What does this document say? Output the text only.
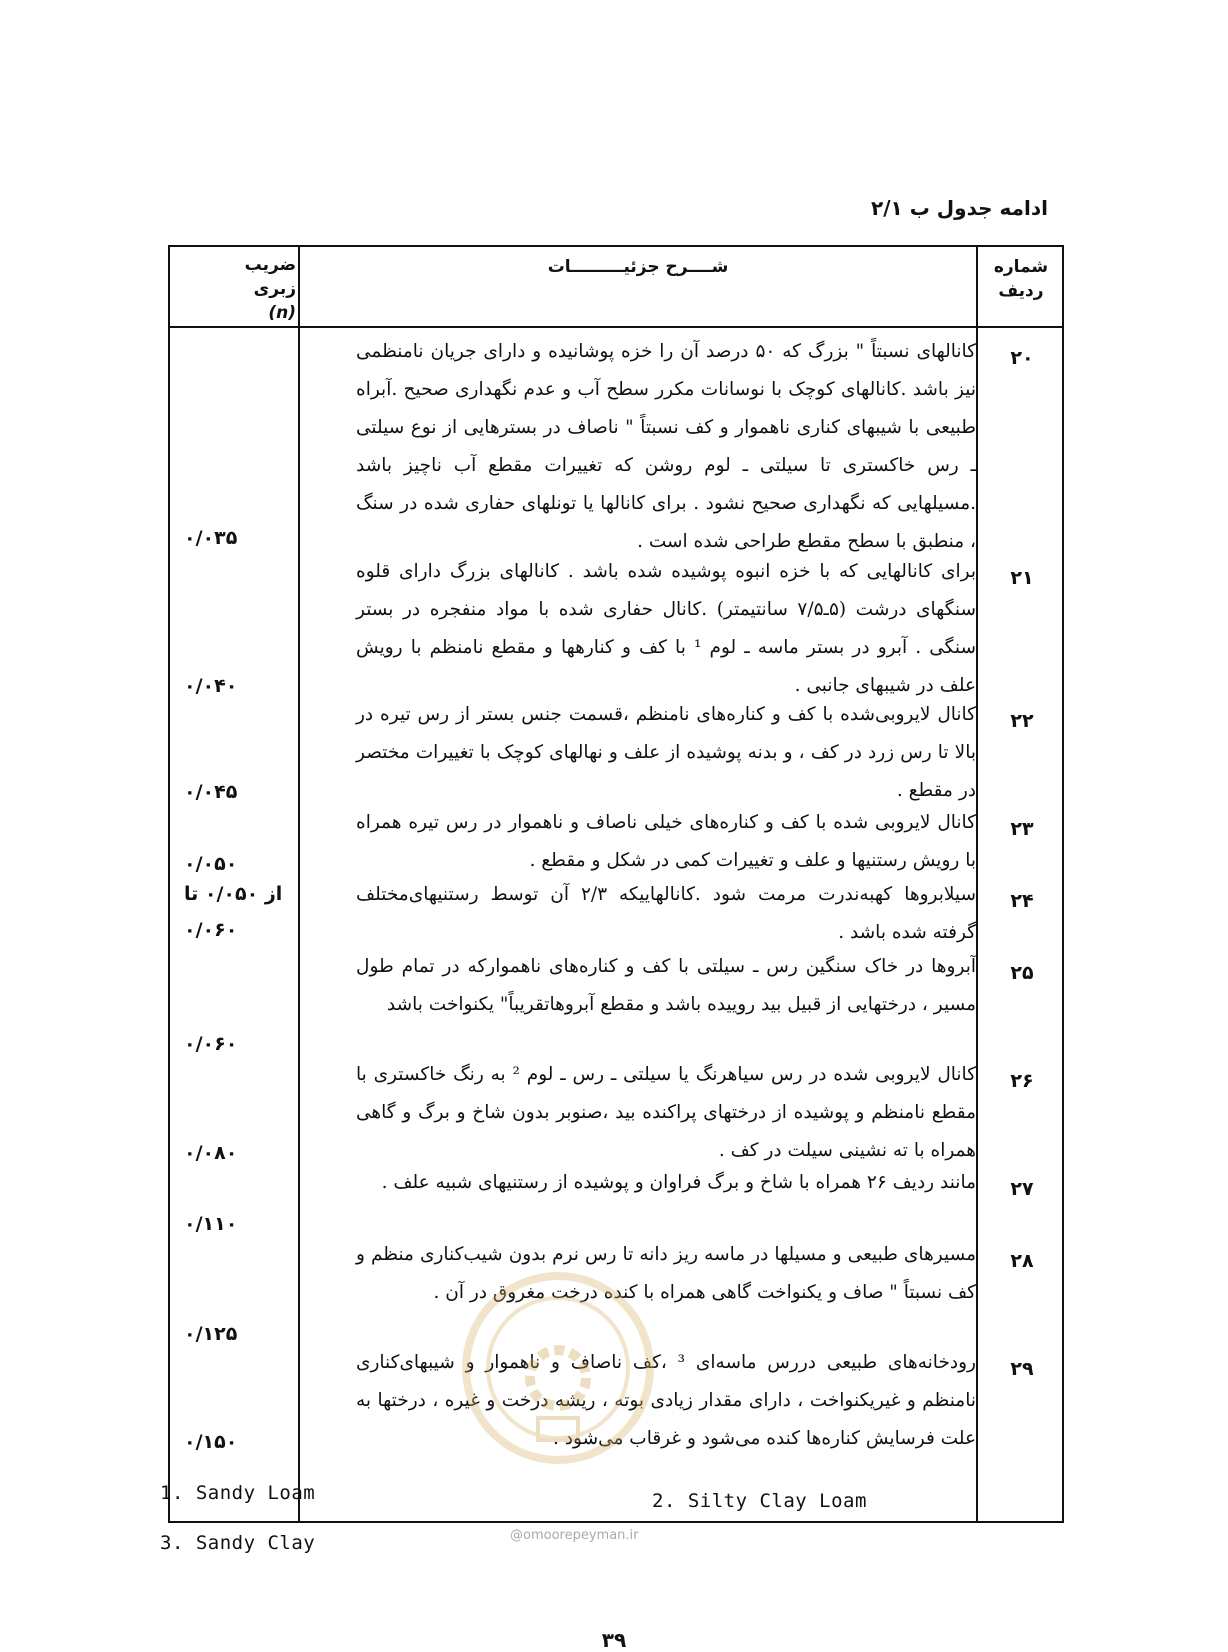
ادامه جدول ب ۲/۱
ضریب
زبری
(n)
شــــرح جزئیـــــــــات	شماره
ردیف
۲۰
کانالهای نسبتاً " بزرگ که ۵۰ درصد آن را خزه پوشانیده و دارای جریان نامنظمی نیز باشد .کانالهای کوچک با نوسانات مکرر سطح آب و عدم نگهداری صحیح .آبراه طبیعی با شیبهای کناری ناهموار و کف نسبتاً " ناصاف در بسترهایی از نوع سیلتی ـ رس خاکستری تا سیلتی ـ لوم روشن که تغییرات مقطع آب ناچیز باشد .مسیلهایی که نگهداری صحیح نشود . برای کانالها یا تونلهای حفاری شده در سنگ ، منطبق با سطح مقطع طراحی شده است .
۰/۰۳۵
۲۱
برای کانالهایی که با خزه انبوه پوشیده شده باشد . کانالهای بزرگ دارای قلوه سنگهای درشت (۵ـ۷/۵ سانتیمتر) .کانال حفاری شده با مواد منفجره در بستر سنگی . آبرو در بستر ماسه ـ لوم ¹ با کف و کنارهها و مقطع نامنظم با رویش علف در شیبهای جانبی .
۰/۰۴۰
۲۲
کانال لایروبی‌شده با کف و کناره‌های نامنظم ،قسمت جنس بستر از رس تیره در بالا تا رس زرد در کف ، و بدنه پوشیده از علف و نهالهای کوچک با تغییرات مختصر در مقطع .
۰/۰۴۵
۲۳
کانال لایروبی شده با کف و کناره‌های خیلی ناصاف و ناهموار در رس تیره همراه با رویش رستنیها و علف و تغییرات کمی در شکل و مقطع .
۰/۰۵۰
۲۴
سیلابروها کهبه‌ندرت مرمت شود .کانالهاییکه ۲/۳ آن توسط رستنیهای‌مختلف گرفته شده باشد .
از ۰/۰۵۰ تا ۰/۰۶۰
۲۵
آبروها در خاک سنگین رس ـ سیلتی با کف و کناره‌های ناهموارکه در تمام طول مسیر ، درختهایی از قبیل بید روییده باشد و مقطع آبروهاتقریباً" یکنواخت باشد
۰/۰۶۰
۲۶
کانال لایروبی شده در رس سیاهرنگ یا سیلتی ـ رس ـ لوم ² به رنگ خاکستری با مقطع نامنظم و پوشیده از درختهای پراکنده بید ،صنوبر بدون شاخ و برگ و گاهی همراه با ته نشینی سیلت در کف .
۰/۰۸۰
۲۷
مانند ردیف ۲۶ همراه با شاخ و برگ فراوان و پوشیده از رستنیهای شبیه علف .
۰/۱۱۰
۲۸
مسیرهای طبیعی و مسیلها در ماسه ریز دانه تا رس نرم بدون شیب‌کناری منظم و کف نسبتاً " صاف و یکنواخت گاهی همراه با کنده درخت مغروق در آن .
۰/۱۲۵
۲۹
رودخانه‌های طبیعی دررس ماسه‌ای ³ ،کف ناصاف و ناهموار و شیبهای‌کناری نامنظم و غیریکنواخت ، دارای مقدار زیادی بوته ، ریشه درخت و غیره ، درختها به علت فرسایش کناره‌ها کنده می‌شود و غرقاب می‌شود .
۰/۱۵۰
@omoorepeyman.ir
1. Sandy Loam	2. Silty Clay Loam
3. Sandy Clay
۳۹
